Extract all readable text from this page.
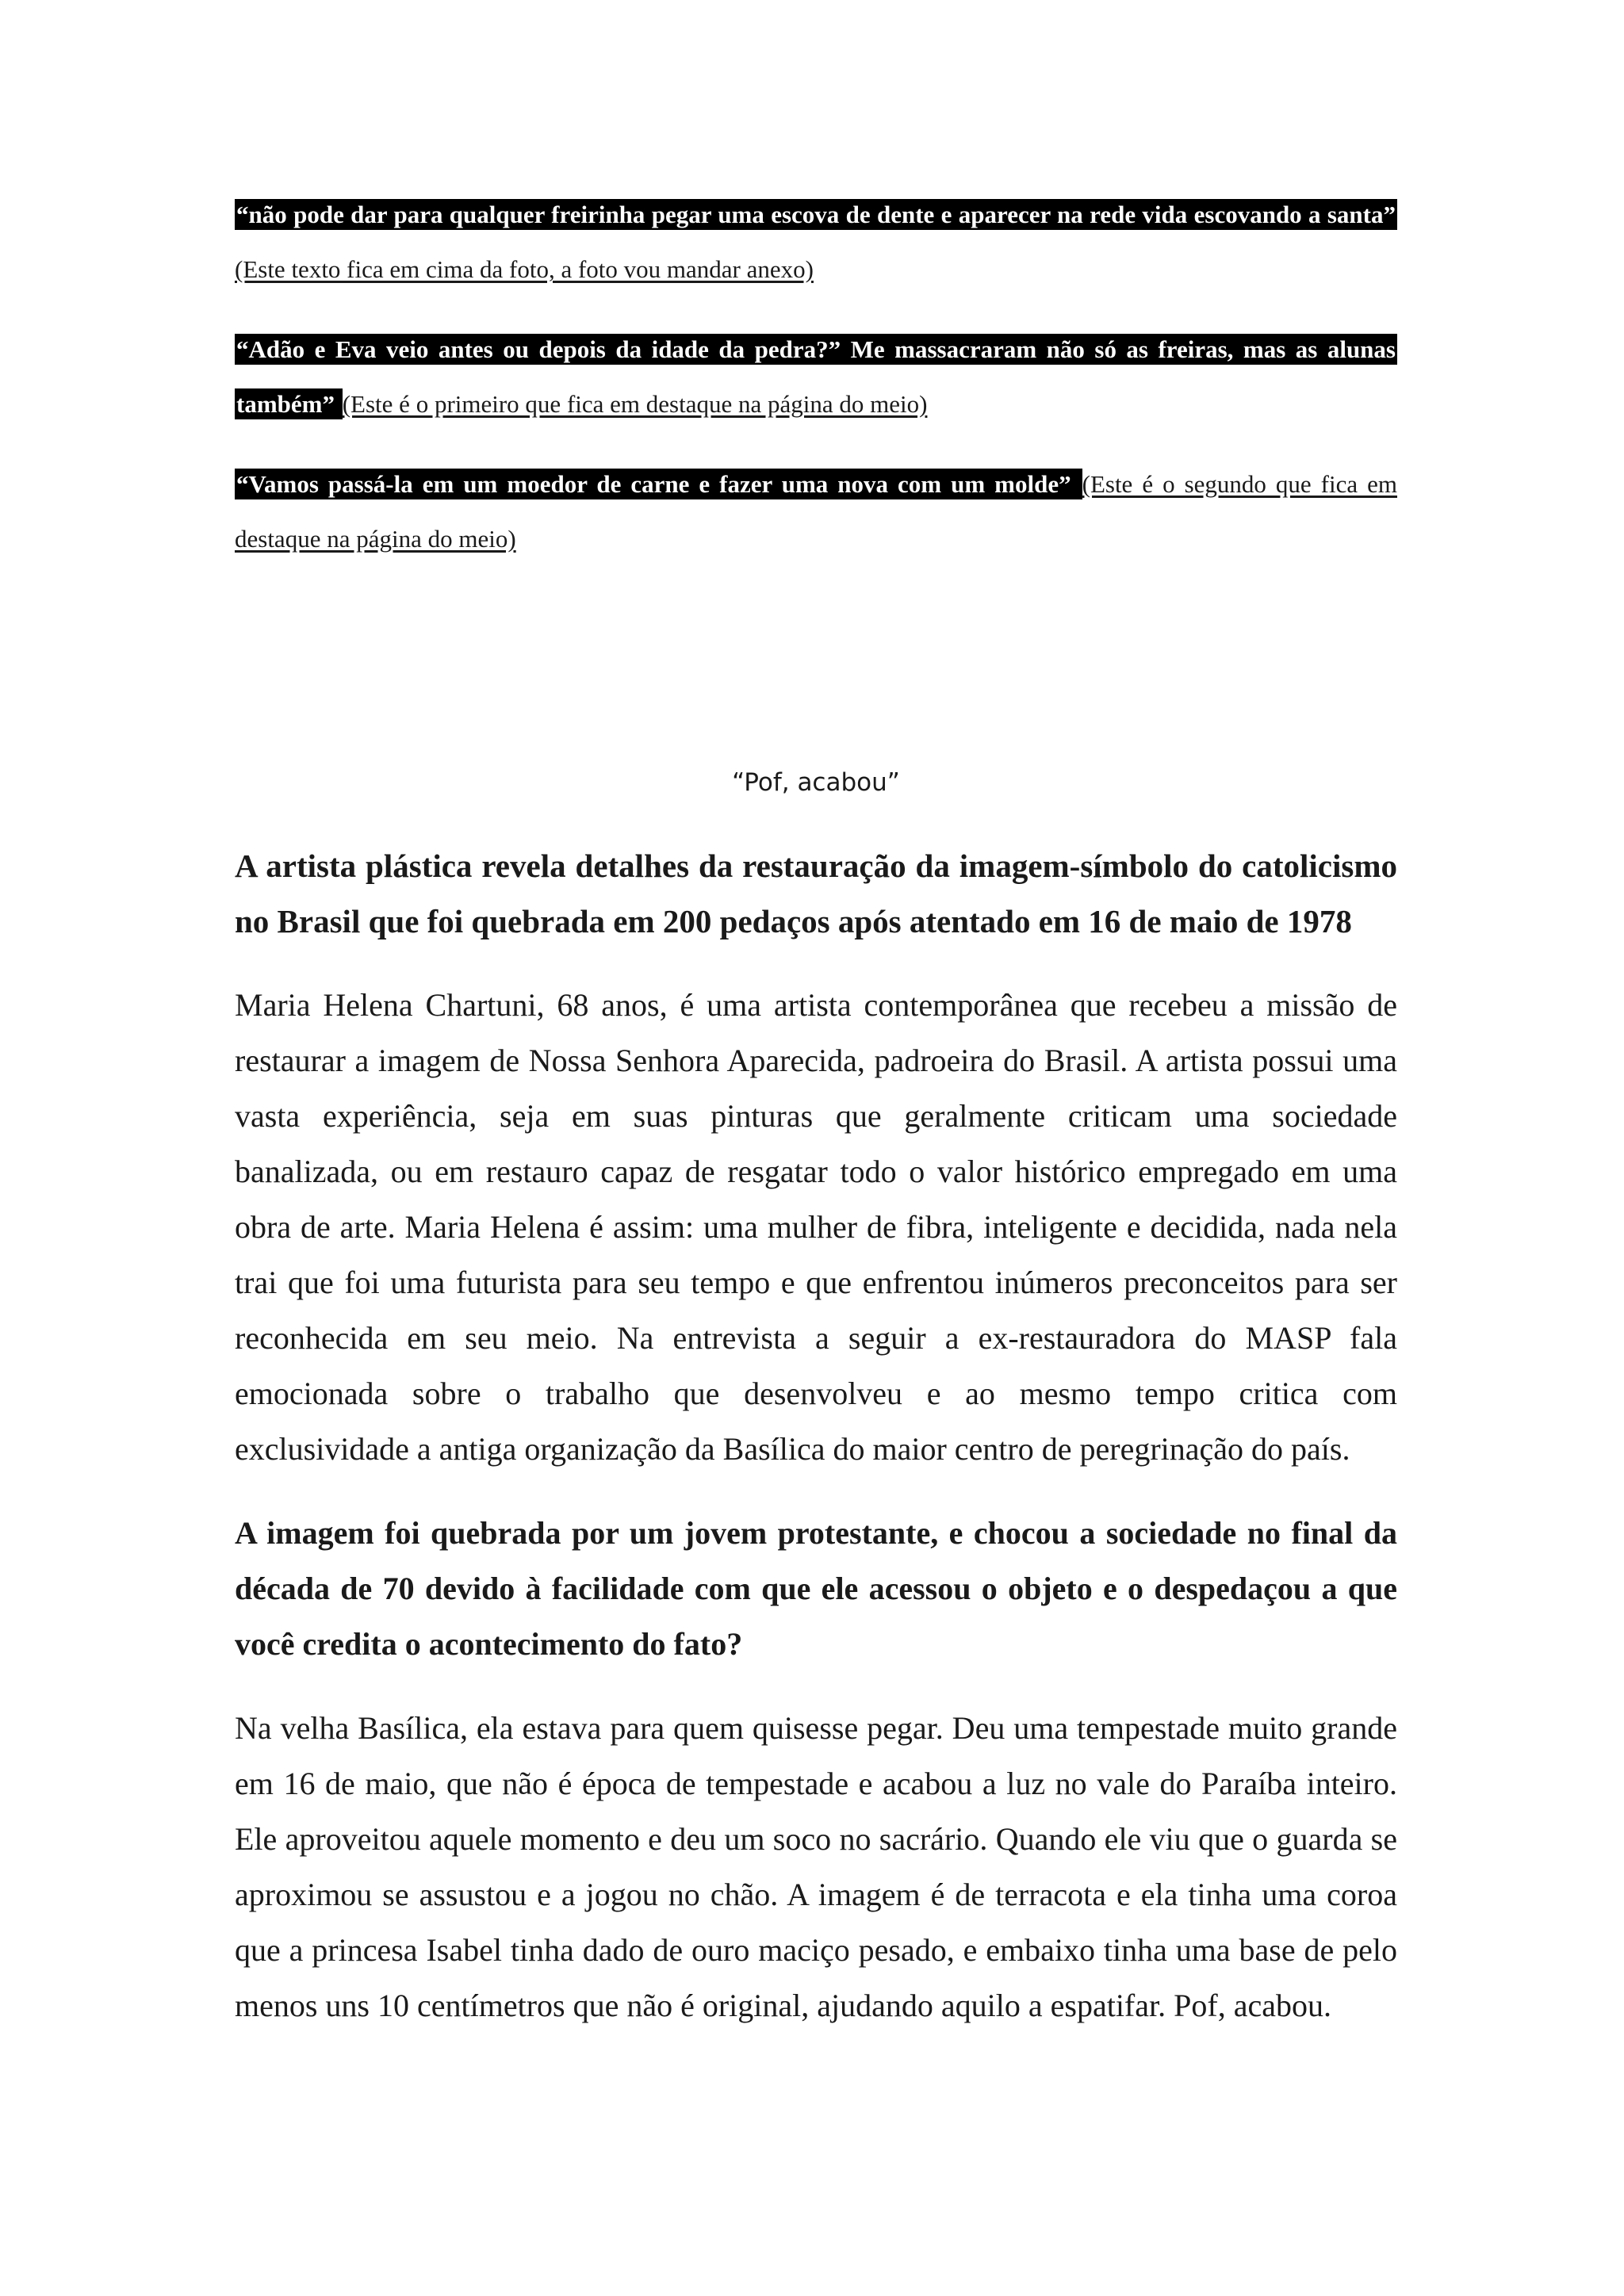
“não pode dar para qualquer freirinha pegar uma escova de dente e aparecer na rede vida escovando a santa” (Este texto fica em cima da foto, a foto vou mandar anexo)

“Adão e Eva veio antes ou depois da idade da pedra?” Me massacraram não só as freiras, mas as alunas também” (Este é o primeiro que fica em destaque na página do meio)

“Vamos passá-la em um moedor de carne e fazer uma nova com um molde” (Este é o segundo que fica em destaque na página do meio)

“Pof, acabou”

A artista plástica revela detalhes da restauração da imagem-símbolo do catolicismo no Brasil que foi quebrada em 200 pedaços após atentado em 16 de maio de 1978

Maria Helena Chartuni, 68 anos, é uma artista contemporânea que recebeu a missão de restaurar a imagem de Nossa Senhora Aparecida, padroeira do Brasil. A artista possui uma vasta experiência, seja em suas pinturas que geralmente criticam uma sociedade banalizada, ou em restauro capaz de resgatar todo o valor histórico empregado em uma obra de arte. Maria Helena é assim: uma mulher de fibra, inteligente e decidida, nada nela trai que foi uma futurista para seu tempo e que enfrentou inúmeros preconceitos para ser reconhecida em seu meio. Na entrevista a seguir a ex-restauradora do MASP fala emocionada sobre o trabalho que desenvolveu e ao mesmo tempo critica com exclusividade a antiga organização da Basílica do maior centro de peregrinação do país.

A imagem foi quebrada por um jovem protestante, e chocou a sociedade no final da década de 70 devido à facilidade com que ele acessou o objeto e o despedaçou a que você credita o acontecimento do fato?

Na velha Basílica, ela estava para quem quisesse pegar. Deu uma tempestade muito grande em 16 de maio, que não é época de tempestade e acabou a luz no vale do Paraíba inteiro. Ele aproveitou aquele momento e deu um soco no sacrário. Quando ele viu que o guarda se aproximou se assustou e a jogou no chão. A imagem é de terracota e ela tinha uma coroa que a princesa Isabel tinha dado de ouro maciço pesado, e embaixo tinha uma base de pelo menos uns 10 centímetros que não é original, ajudando aquilo a espatifar. Pof, acabou.
